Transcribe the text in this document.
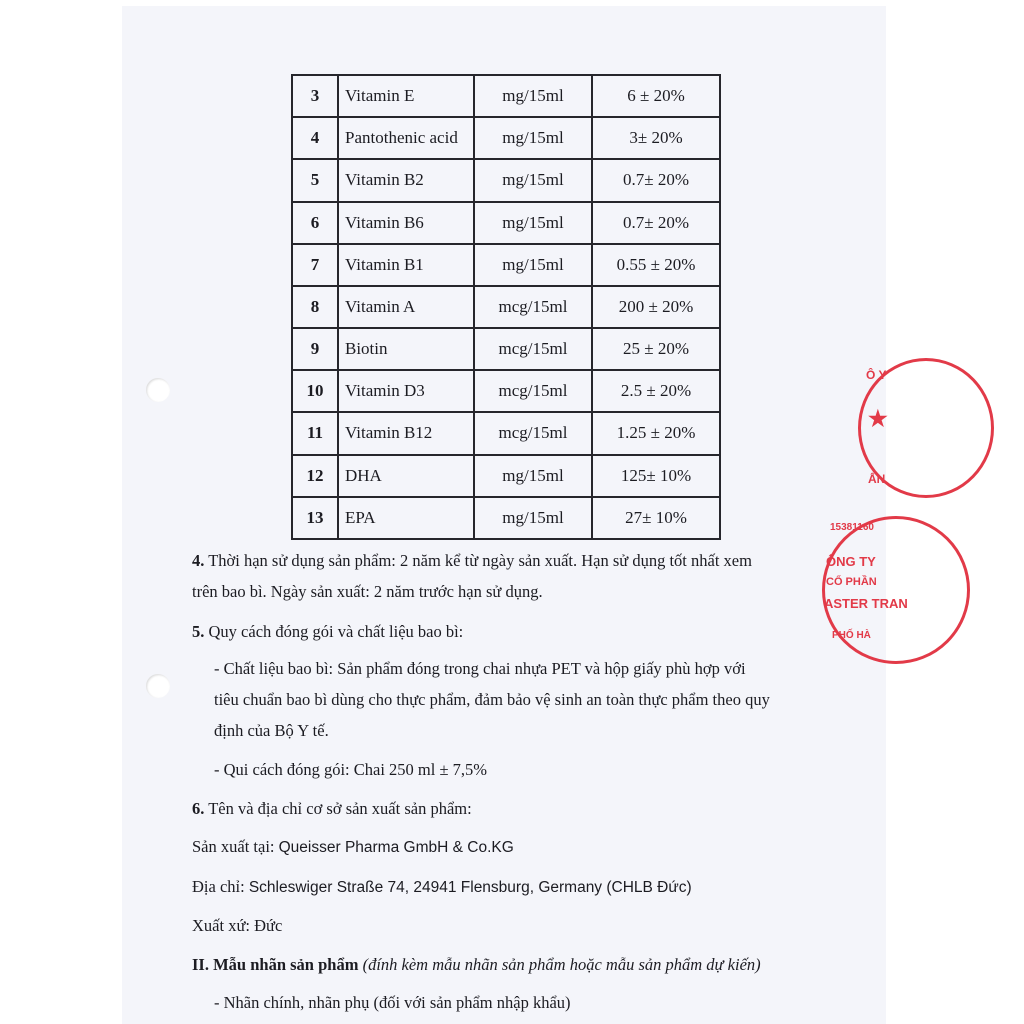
3	Vitamin E	mg/15ml	6 ± 20%
4	Pantothenic acid	mg/15ml	3± 20%
5	Vitamin B2	mg/15ml	0.7± 20%
6	Vitamin B6	mg/15ml	0.7± 20%
7	Vitamin B1	mg/15ml	0.55 ± 20%
8	Vitamin A	mcg/15ml	200 ± 20%
9	Biotin	mcg/15ml	25 ± 20%
10	Vitamin D3	mcg/15ml	2.5 ± 20%
11	Vitamin B12	mcg/15ml	1.25 ± 20%
12	DHA	mg/15ml	125± 10%
13	EPA	mg/15ml	27± 10%
4. Thời hạn sử dụng sản phẩm: 2 năm kể từ ngày sản xuất. Hạn sử dụng tốt nhất xem
trên bao bì. Ngày sản xuất: 2 năm trước hạn sử dụng.
5. Quy cách đóng gói và chất liệu bao bì:
- Chất liệu bao bì: Sản phẩm đóng trong chai nhựa PET và hộp giấy phù hợp với
tiêu chuẩn bao bì dùng cho thực phẩm, đảm bảo vệ sinh an toàn thực phẩm theo quy
định của Bộ Y tế.
- Qui cách đóng gói: Chai 250 ml ± 7,5%
6. Tên và địa chỉ cơ sở sản xuất sản phẩm:
Sản xuất tại: Queisser Pharma GmbH & Co.KG
Địa chỉ: Schleswiger Straße 74, 24941 Flensburg, Germany (CHLB Đức)
Xuất xứ: Đức
II. Mẫu nhãn sản phẩm (đính kèm mẫu nhãn sản phẩm hoặc mẫu sản phẩm dự kiến)
- Nhãn chính, nhãn phụ (đối với sản phẩm nhập khẩu)
Ô Y
★
ẤN
15381160
ÔNG TY
CỔ PHẦN
ASTER TRAN
PHỐ HÀ
